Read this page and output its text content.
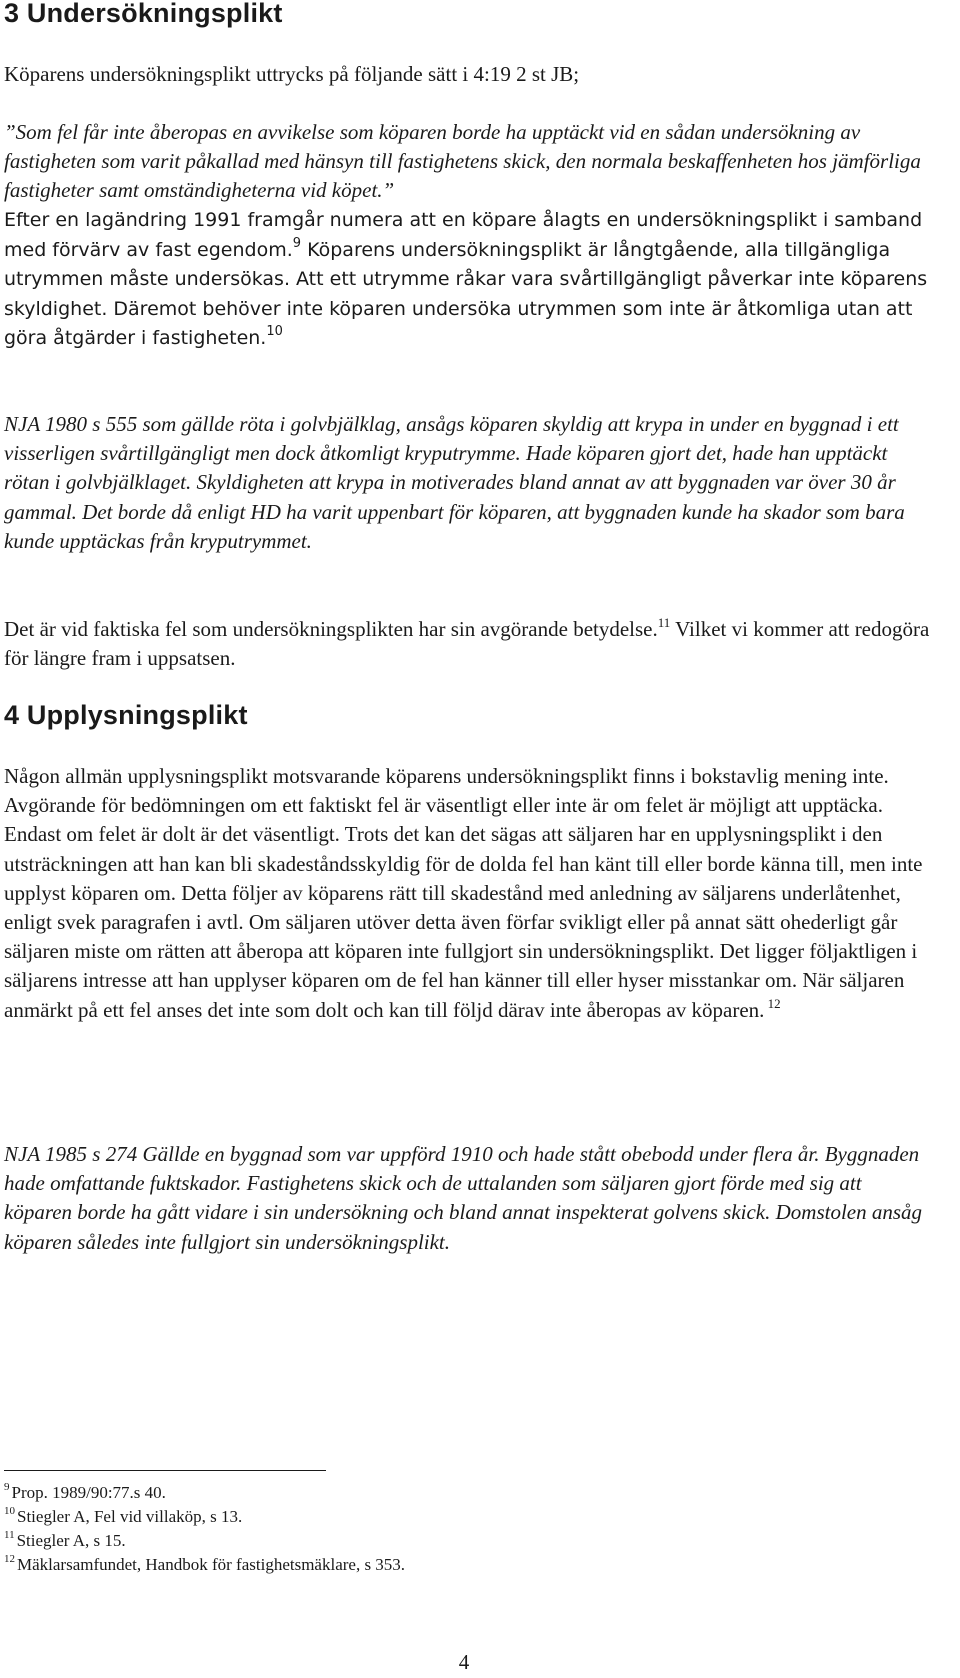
3 Undersökningsplikt

Köparens undersökningsplikt uttrycks på följande sätt i 4:19 2 st JB;

”Som fel får inte åberopas en avvikelse som köparen borde ha upptäckt vid en sådan undersökning av fastigheten som varit påkallad med hänsyn till fastighetens skick, den normala beskaffenheten hos jämförliga fastigheter samt omständigheterna vid köpet.”

Efter en lagändring 1991 framgår numera att en köpare ålagts en undersökningsplikt i samband med förvärv av fast egendom.$^9$ Köparens undersökningsplikt är långtgående, alla tillgängliga utrymmen måste undersökas. Att ett utrymme råkar vara svårtillgängligt påverkar inte köparens skyldighet. Däremot behöver inte köparen undersöka utrymmen som inte är åtkomliga utan att göra åtgärder i fastigheten.$^{10}$

NJA 1980 s 555 som gällde röta i golvbjälklag, ansågs köparen skyldig att krypa in under en byggnad i ett visserligen svårtillgängligt men dock åtkomligt kryputrymme. Hade köparen gjort det, hade han upptäckt rötan i golvbjälklaget. Skyldigheten att krypa in motiverades bland annat av att byggnaden var över 30 år gammal. Det borde då enligt HD ha varit uppenbart för köparen, att byggnaden kunde ha skador som bara kunde upptäckas från kryputrymmet.

Det är vid faktiska fel som undersökningsplikten har sin avgörande betydelse.$^{11}$ Vilket vi kommer att redogöra för längre fram i uppsatsen.

4 Upplysningsplikt

Någon allmän upplysningsplikt motsvarande köparens undersökningsplikt finns i bokstavlig mening inte. Avgörande för bedömningen om ett faktiskt fel är väsentligt eller inte är om felet är möjligt att upptäcka. Endast om felet är dolt är det väsentligt. Trots det kan det sägas att säljaren har en upplysningsplikt i den utsträckningen att han kan bli skadeståndsskyldig för de dolda fel han känt till eller borde känna till, men inte upplyst köparen om. Detta följer av köparens rätt till skadestånd med anledning av säljarens underlåtenhet, enligt svek paragrafen i avtl. Om säljaren utöver detta även förfar svikligt eller på annat sätt ohederligt går säljaren miste om rätten att åberopa att köparen inte fullgjort sin undersökningsplikt. Det ligger följaktligen i säljarens intresse att han upplyser köparen om de fel han känner till eller hyser misstankar om. När säljaren anmärkt på ett fel anses det inte som dolt och kan till följd därav inte åberopas av köparen. $^{12}$

NJA 1985 s 274 Gällde en byggnad som var uppförd 1910 och hade stått obebodd under flera år. Byggnaden hade omfattande fuktskador. Fastighetens skick och de uttalanden som säljaren gjort förde med sig att köparen borde ha gått vidare i sin undersökning och bland annat inspekterat golvens skick. Domstolen ansåg köparen således inte fullgjort sin undersökningsplikt.

$^9$ Prop. 1989/90:77.s 40.

$^{10}$ Stiegler A, Fel vid villaköp, s 13.

$^{11}$ Stiegler A, s 15.

$^{12}$ Mäklarsamfundet, Handbok för fastighetsmäklare, s 353.

4
